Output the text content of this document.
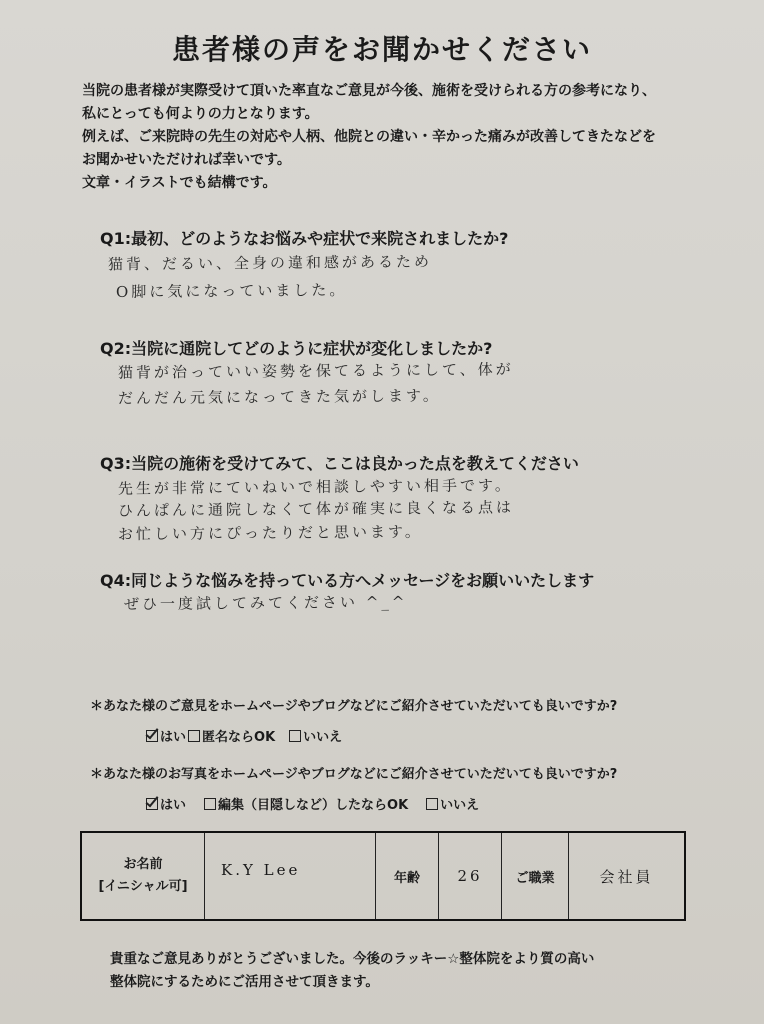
患者様の声をお聞かせください
当院の患者様が実際受けて頂いた率直なご意見が今後、施術を受けられる方の参考になり、
私にとっても何よりの力となります。
例えば、ご来院時の先生の対応や人柄、他院との違い・辛かった痛みが改善してきたなどを
お聞かせいただければ幸いです。
文章・イラストでも結構です。
Q1:最初、どのようなお悩みや症状で来院されましたか?
猫背、だるい、全身の違和感があるため
O脚に気になっていました。
Q2:当院に通院してどのように症状が変化しましたか?
猫背が治っていい姿勢を保てるようにして、体が
だんだん元気になってきた気がします。
Q3:当院の施術を受けてみて、ここは良かった点を教えてください
先生が非常にていねいで相談しやすい相手です。
ひんぱんに通院しなくて体が確実に良くなる点は
お忙しい方にぴったりだと思います。
Q4:同じような悩みを持っている方へメッセージをお願いいたします
ぜひ一度試してみてください ^_^
＊あなた様のご意見をホームページやブログなどにご紹介させていただいても良いですか?
はい 匿名ならOK いいえ
＊あなた様のお写真をホームページやブログなどにご紹介させていただいても良いですか?
はい 編集（目隠しなど）したならOK いいえ
お名前
[イニシャル可]
	K.Y Lee	年齢	26	ご職業	会社員
貴重なご意見ありがとうございました。今後のラッキー☆整体院をより質の高い
整体院にするためにご活用させて頂きます。
